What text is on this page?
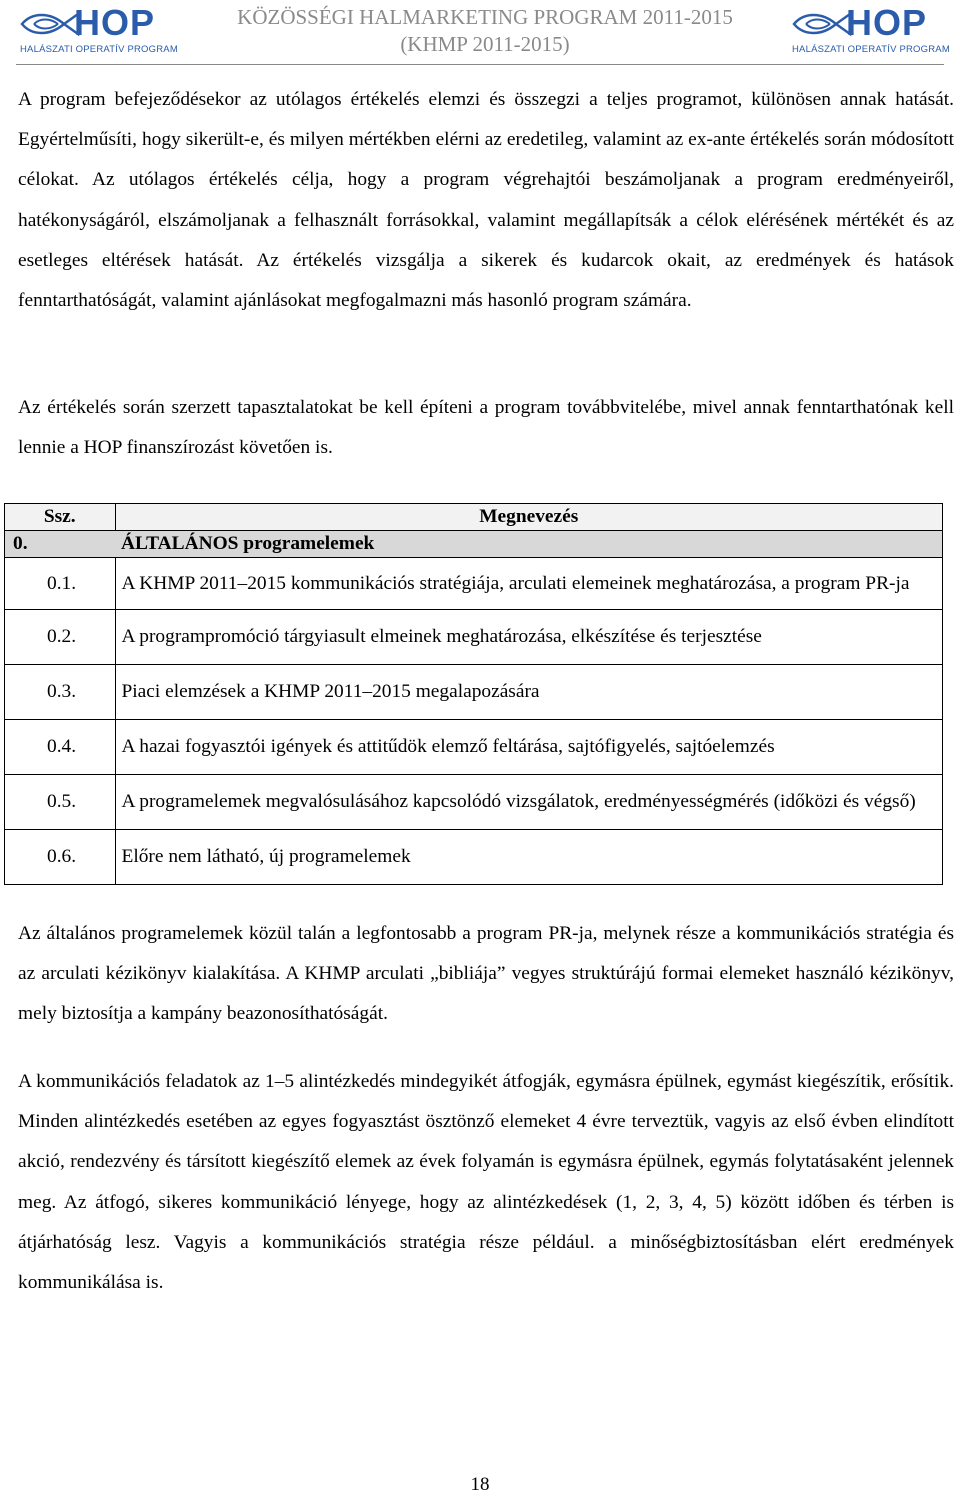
HOP
HALÁSZATI OPERATÍV PROGRAM
KÖZÖSSÉGI HALMARKETING PROGRAM 2011-2015
(KHMP 2011-2015)
HOP
HALÁSZATI OPERATÍV PROGRAM

A program befejeződésekor az utólagos értékelés elemzi és összegzi a teljes programot, különösen annak hatását. Egyértelműsíti, hogy sikerült-e, és milyen mértékben elérni az eredetileg, valamint az ex-ante értékelés során módosított célokat. Az utólagos értékelés célja, hogy a program végrehajtói beszámoljanak a program eredményeiről, hatékonyságáról, elszámoljanak a felhasznált forrásokkal, valamint megállapítsák a célok elérésének mértékét és az esetleges eltérések hatását. Az értékelés vizsgálja a sikerek és kudarcok okait, az eredmények és hatások fenntarthatóságát, valamint ajánlásokat megfogalmazni más hasonló program számára.

Az értékelés során szerzett tapasztalatokat be kell építeni a program továbbvitelébe, mivel annak fenntarthatónak kell lennie a HOP finanszírozást követően is.

Ssz.	Megnevezés
0.	ÁLTALÁNOS programelemek
0.1.	A KHMP 2011–2015 kommunikációs stratégiája, arculati elemeinek meghatározása, a program PR-ja
0.2.	A programpromóció tárgyiasult elmeinek meghatározása, elkészítése és terjesztése
0.3.	Piaci elemzések a KHMP 2011–2015 megalapozására
0.4.	A hazai fogyasztói igények és attitűdök elemző feltárása, sajtófigyelés, sajtóelemzés
0.5.	A programelemek megvalósulásához kapcsolódó vizsgálatok, eredményességmérés (időközi és végső)
0.6.	Előre nem látható, új programelemek

Az általános programelemek közül talán a legfontosabb a program PR-ja, melynek része a kommunikációs stratégia és az arculati kézikönyv kialakítása. A KHMP arculati „bibliája” vegyes struktúrájú formai elemeket használó kézikönyv, mely biztosítja a kampány beazonosíthatóságát.

A kommunikációs feladatok az 1–5 alintézkedés mindegyikét átfogják, egymásra épülnek, egymást kiegészítik, erősítik. Minden alintézkedés esetében az egyes fogyasztást ösztönző elemeket 4 évre terveztük, vagyis az első évben elindított akció, rendezvény és társított kiegészítő elemek az évek folyamán is egymásra épülnek, egymás folytatásaként jelennek meg. Az átfogó, sikeres kommunikáció lényege, hogy az alintézkedések (1, 2, 3, 4, 5) között időben és térben is átjárhatóság lesz. Vagyis a kommunikációs stratégia része például. a minőségbiztosításban elért eredmények kommunikálása is.

18
